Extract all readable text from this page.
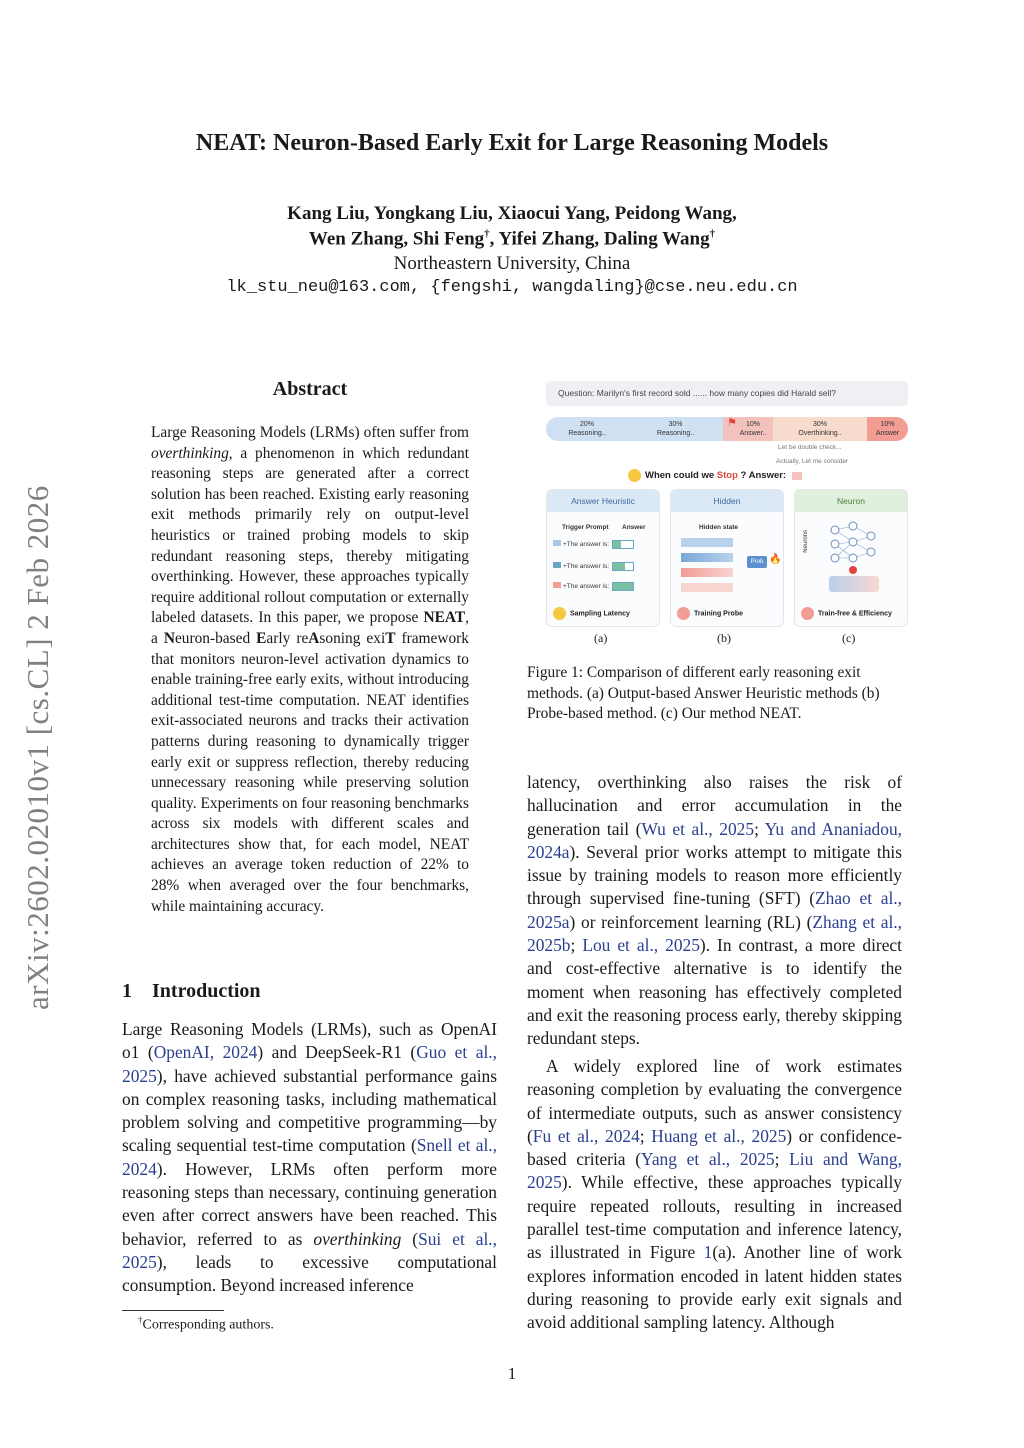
arXiv:2602.02010v1 [cs.CL] 2 Feb 2026
NEAT: Neuron-Based Early Exit for Large Reasoning Models
Kang Liu, Yongkang Liu, Xiaocui Yang, Peidong Wang,
Wen Zhang, Shi Feng†, Yifei Zhang, Daling Wang†
Northeastern University, China
lk_stu_neu@163.com, {fengshi, wangdaling}@cse.neu.edu.cn
Abstract
Large Reasoning Models (LRMs) often suffer from overthinking, a phenomenon in which redundant reasoning steps are generated after a correct solution has been reached. Existing early reasoning exit methods primarily rely on output-level heuristics or trained probing models to skip redundant reasoning steps, thereby mitigating overthinking. However, these approaches typically require additional rollout computation or externally labeled datasets. In this paper, we propose NEAT, a Neuron-based Early reAsoning exiT framework that monitors neuron-level activation dynamics to enable training-free early exits, without introducing additional test-time computation. NEAT identifies exit-associated neurons and tracks their activation patterns during reasoning to dynamically trigger early exit or suppress reflection, thereby reducing unnecessary reasoning while preserving solution quality. Experiments on four reasoning benchmarks across six models with different scales and architectures show that, for each model, NEAT achieves an average token reduction of 22% to 28% when averaged over the four benchmarks, while maintaining accuracy.
1 Introduction
Large Reasoning Models (LRMs), such as OpenAI o1 (OpenAI, 2024) and DeepSeek-R1 (Guo et al., 2025), have achieved substantial performance gains on complex reasoning tasks, including mathematical problem solving and competitive programming—by scaling sequential test-time computation (Snell et al., 2024). However, LRMs often perform more reasoning steps than necessary, continuing generation even after correct answers have been reached. This behavior, referred to as overthinking (Sui et al., 2025), leads to excessive computational consumption. Beyond increased inference
latency, overthinking also raises the risk of hallucination and error accumulation in the generation tail (Wu et al., 2025; Yu and Ananiadou, 2024a). Several prior works attempt to mitigate this issue by training models to reason more efficiently through supervised fine-tuning (SFT) (Zhao et al., 2025a) or reinforcement learning (RL) (Zhang et al., 2025b; Lou et al., 2025). In contrast, a more direct and cost-effective alternative is to identify the moment when reasoning has effectively completed and exit the reasoning process early, thereby skipping redundant steps.
A widely explored line of work estimates reasoning completion by evaluating the convergence of intermediate outputs, such as answer consistency (Fu et al., 2024; Huang et al., 2025) or confidence-based criteria (Yang et al., 2025; Liu and Wang, 2025). While effective, these approaches typically require repeated rollouts, resulting in increased parallel test-time computation and inference latency, as illustrated in Figure 1(a). Another line of work explores information encoded in latent hidden states during reasoning to provide early exit signals and avoid additional sampling latency. Although
Question: Marilyn's first record sold ...... how many copies did Harald sell?
20%
Reasoning..
30%
Reasoning..
⚑	10%
Answer..
30%
Overthinking..
10%
Answer
Let be double check...
Actually, Let me consider
When could we Stop ? Answer:
Answer Heuristic
Trigger Prompt Answer
+The answer is:
+The answer is:
+The answer is:
Sampling Latency
Hidden
Hidden state
Prob 🔥
Training Probe
Neuron
Neurons
Train-free & Efficiency
(a)	(b)	(c)
Figure 1: Comparison of different early reasoning exit methods. (a) Output-based Answer Heuristic methods (b) Probe-based method. (c) Our method NEAT.
†Corresponding authors.
1
